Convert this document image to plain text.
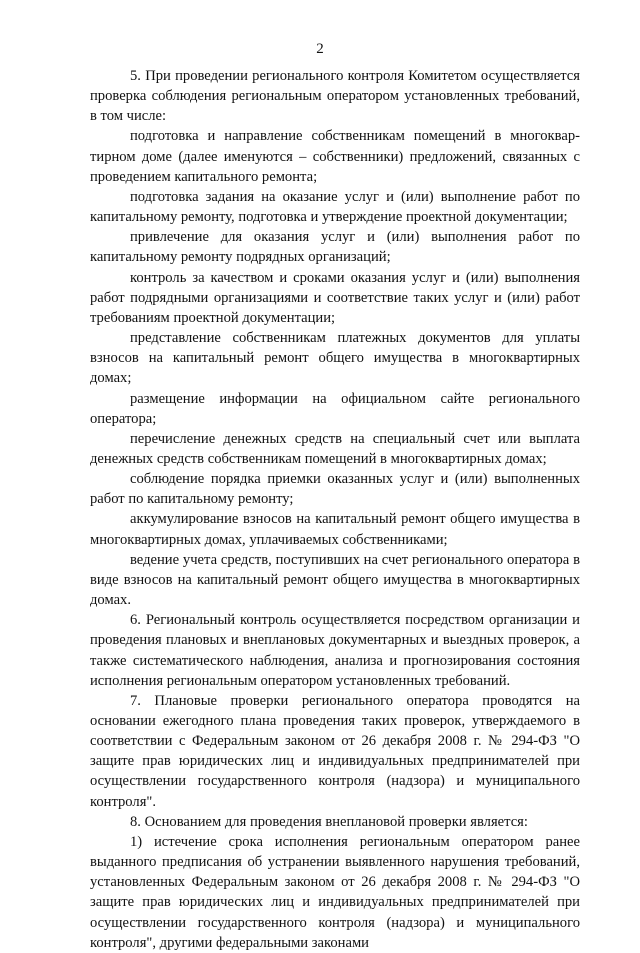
2

5. При проведении регионального контроля Комитетом осуществляется проверка соблюдения региональным оператором установленных требований, в том числе:

подготовка и направление собственникам помещений в многоквартирном доме (далее именуются – собственники) предложений, связанных с проведением капитального ремонта;

подготовка задания на оказание услуг и (или) выполнение работ по капитальному ремонту, подготовка и утверждение проектной документации;

привлечение для оказания услуг и (или) выполнения работ по капитальному ремонту подрядных организаций;

контроль за качеством и сроками оказания услуг и (или) выполнения работ подрядными организациями и соответствие таких услуг и (или) работ требованиям проектной документации;

представление собственникам платежных документов для уплаты взносов на капитальный ремонт общего имущества в многоквартирных домах;

размещение информации на официальном сайте регионального оператора;

перечисление денежных средств на специальный счет или выплата денежных средств собственникам помещений в многоквартирных домах;

соблюдение порядка приемки оказанных услуг и (или) выполненных работ по капитальному ремонту;

аккумулирование взносов на капитальный ремонт общего имущества в многоквартирных домах, уплачиваемых собственниками;

ведение учета средств, поступивших на счет регионального оператора в виде взносов на капитальный ремонт общего имущества в многоквартирных домах.

6. Региональный контроль осуществляется посредством организации и проведения плановых и внеплановых документарных и выездных проверок, а также систематического наблюдения, анализа и прогнозирования состояния исполнения региональным оператором установленных требований.

7. Плановые проверки регионального оператора проводятся на основании ежегодного плана проведения таких проверок, утверждаемого в соответствии с Федеральным законом от 26 декабря 2008 г. № 294-ФЗ "О защите прав юридических лиц и индивидуальных предпринимателей при осуществлении государственного контроля (надзора) и муниципального контроля".

8. Основанием для проведения внеплановой проверки является:

1) истечение срока исполнения региональным оператором ранее выданного предписания об устранении выявленного нарушения требований, установленных Федеральным законом от 26 декабря 2008 г. № 294-ФЗ "О защите прав юридических лиц и индивидуальных предпринимателей при осуществлении государственного контроля (надзора) и муниципального контроля", другими федеральными законами
